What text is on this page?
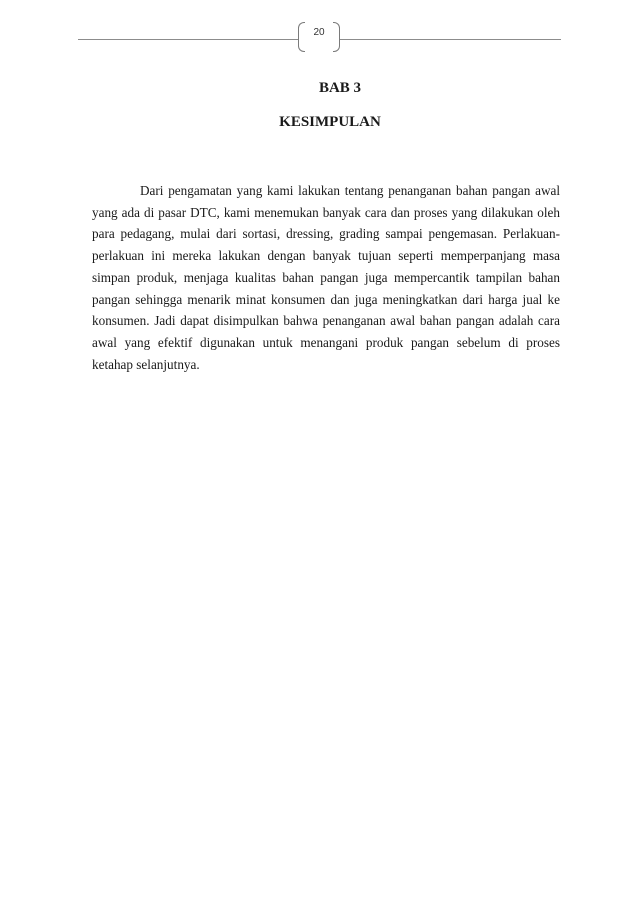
20
BAB 3
KESIMPULAN

Dari pengamatan yang kami lakukan tentang penanganan bahan pangan awal yang ada di pasar DTC, kami menemukan banyak cara dan proses yang dilakukan oleh para pedagang, mulai dari sortasi, dressing, grading sampai pengemasan. Perlakuan- perlakuan ini mereka lakukan dengan banyak tujuan seperti memperpanjang masa simpan produk, menjaga kualitas bahan pangan juga mempercantik tampilan bahan pangan sehingga menarik minat konsumen dan juga meningkatkan dari harga jual ke konsumen. Jadi dapat disimpulkan bahwa penanganan awal bahan pangan adalah cara awal yang efektif digunakan untuk menangani produk pangan sebelum di proses ketahap selanjutnya.
